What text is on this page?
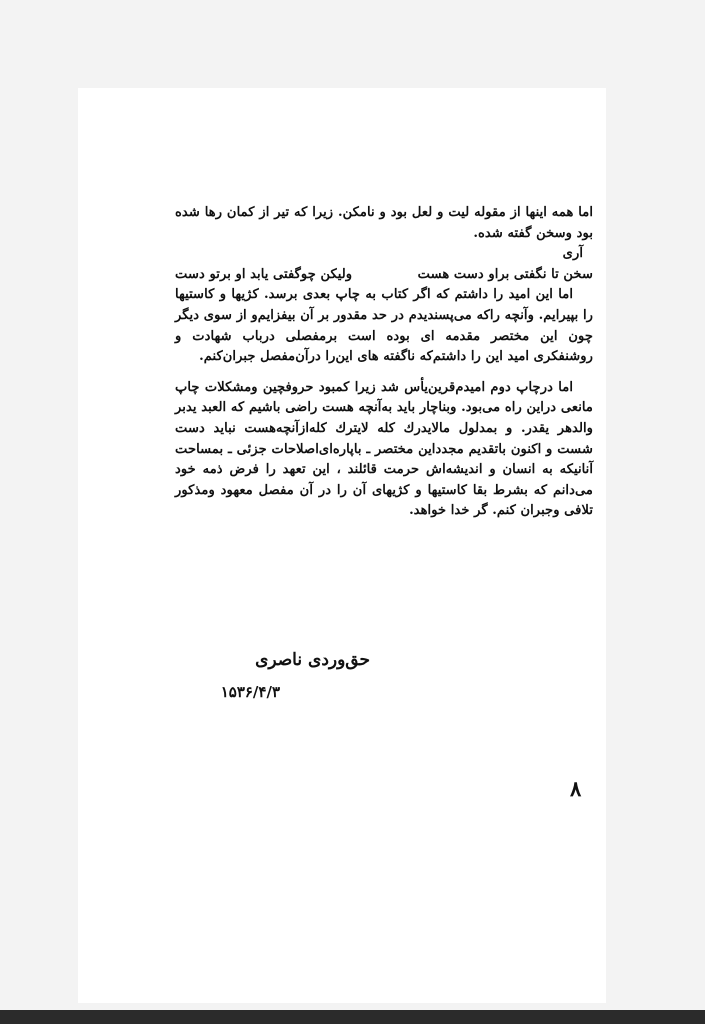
اما همه اینها از مقوله لیت و لعل بود و نامکن. زیرا که تیر از کمان رها شده بود وسخن گفته شده.

آری

سخن تا نگفتی براو دست هست
ولیکن چوگفتی یابد او برتو دست

اما این امید را داشتم که اگر کتاب به چاپ بعدی برسد. کژیها و کاستیها را بپیرایم. وآنچه راکه می‌پسندیدم در حد مقدور بر آن بیفزایم‌و از سوی دیگر چون این مختصر مقدمه ای بوده است برمفصلی درباب شهادت و روشنفکری امید این را داشتم‌که ناگفته های این‌را درآن‌مفصل جبران‌کنم.

اما درچاپ دوم امیدم‌قرین‌یأس شد زیرا کمبود حروفچین ومشکلات چاپ مانعی دراین راه می‌بود. وبناچار باید به‌آنچه هست راضی باشیم که العبد یدبر والدهر یقدر. و بمدلول مالایدرك كله لايترك كله‌ازآنچه‌هست نباید دست شست و اکنون باتقدیم مجدداین مختصر ـ باپاره‌ای‌اصلاحات جزئی ـ بمساحت آنانیکه به انسان و اندیشه‌اش حرمت قائلند ، این تعهد را فرض ذمه خود می‌دانم که بشرط بقا کاستیها و کژیهای آن را در آن مفصل معهود ومذکور تلافی وجبران کنم. گر خدا خواهد.

حق‌وردی ناصری
۱۵۳۶/۴/۳
۸
